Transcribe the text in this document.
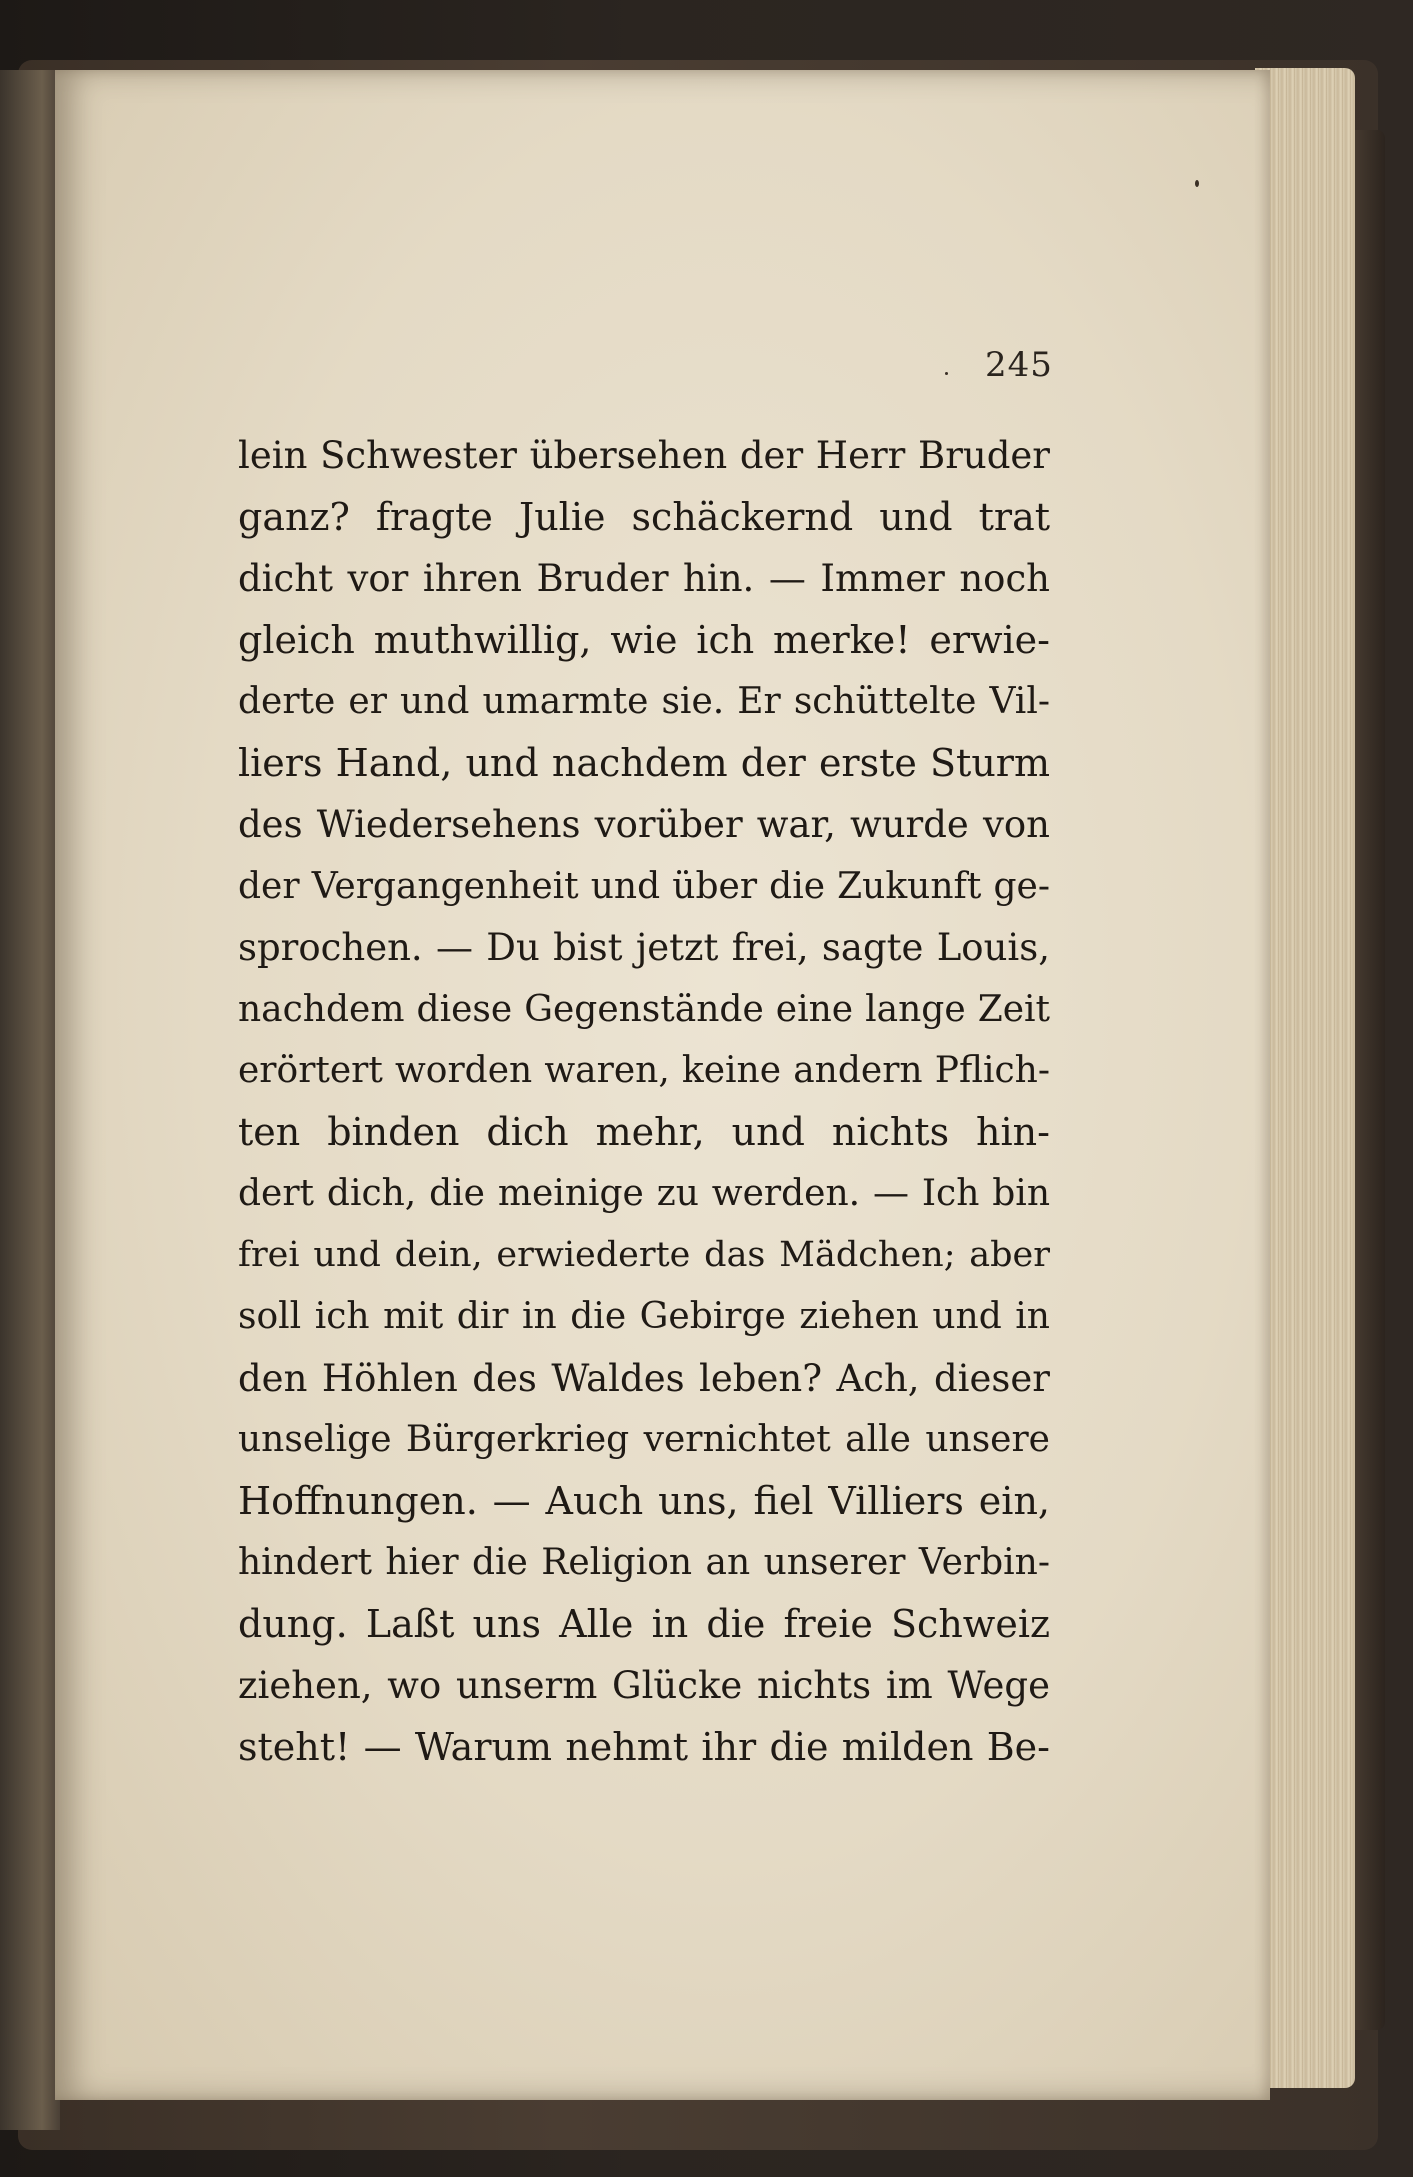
245
lein Schwester übersehen der Herr Bruder
ganz? fragte Julie schäckernd und trat
dicht vor ihren Bruder hin. — Immer noch
gleich muthwillig, wie ich merke! erwie-
derte er und umarmte sie. Er schüttelte Vil-
liers Hand, und nachdem der erste Sturm
des Wiedersehens vorüber war, wurde von
der Vergangenheit und über die Zukunft ge-
sprochen. — Du bist jetzt frei, sagte Louis,
nachdem diese Gegenstände eine lange Zeit
erörtert worden waren, keine andern Pflich-
ten binden dich mehr, und nichts hin-
dert dich, die meinige zu werden. — Ich bin
frei und dein, erwiederte das Mädchen; aber
soll ich mit dir in die Gebirge ziehen und in
den Höhlen des Waldes leben? Ach, dieser
unselige Bürgerkrieg vernichtet alle unsere
Hoffnungen. — Auch uns, fiel Villiers ein,
hindert hier die Religion an unserer Verbin-
dung. Laßt uns Alle in die freie Schweiz
ziehen, wo unserm Glücke nichts im Wege
steht! — Warum nehmt ihr die milden Be-
